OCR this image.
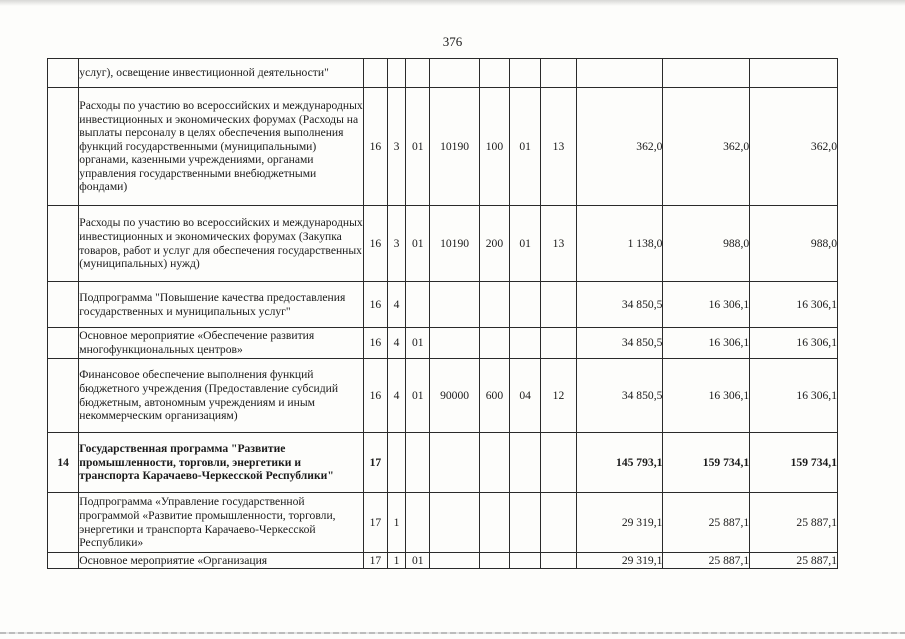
376
	услуг), освещение инвестиционной деятельности"										
	Расходы по участию во всероссийских и международных инвестиционных и экономических форумах (Расходы на выплаты персоналу в целях обеспечения выполнения функций государственными (муниципальными) органами, казенными учреждениями, органами управления государственными внебюджетными фондами)	16	3	01	10190	100	01	13	362,0	362,0	362,0
	Расходы по участию во всероссийских и международных инвестиционных и экономических форумах (Закупка товаров, работ и услуг для обеспечения государственных (муниципальных) нужд)	16	3	01	10190	200	01	13	1 138,0	988,0	988,0
	Подпрограмма "Повышение качества предоставления государственных и муниципальных услуг"	16	4						34 850,5	16 306,1	16 306,1
	Основное мероприятие «Обеспечение развития многофункциональных центров»	16	4	01					34 850,5	16 306,1	16 306,1
	Финансовое обеспечение выполнения функций бюджетного учреждения (Предоставление субсидий бюджетным, автономным учреждениям и иным некоммерческим организациям)	16	4	01	90000	600	04	12	34 850,5	16 306,1	16 306,1
14	Государственная программа "Развитие промышленности, торговли, энергетики и транспорта Карачаево-Черкесской Республики"	17							145 793,1	159 734,1	159 734,1
	Подпрограмма «Управление государственной программой «Развитие промышленности, торговли, энергетики и транспорта Карачаево-Черкесской Республики»	17	1						29 319,1	25 887,1	25 887,1
	Основное мероприятие «Организация	17	1	01					29 319,1	25 887,1	25 887,1
